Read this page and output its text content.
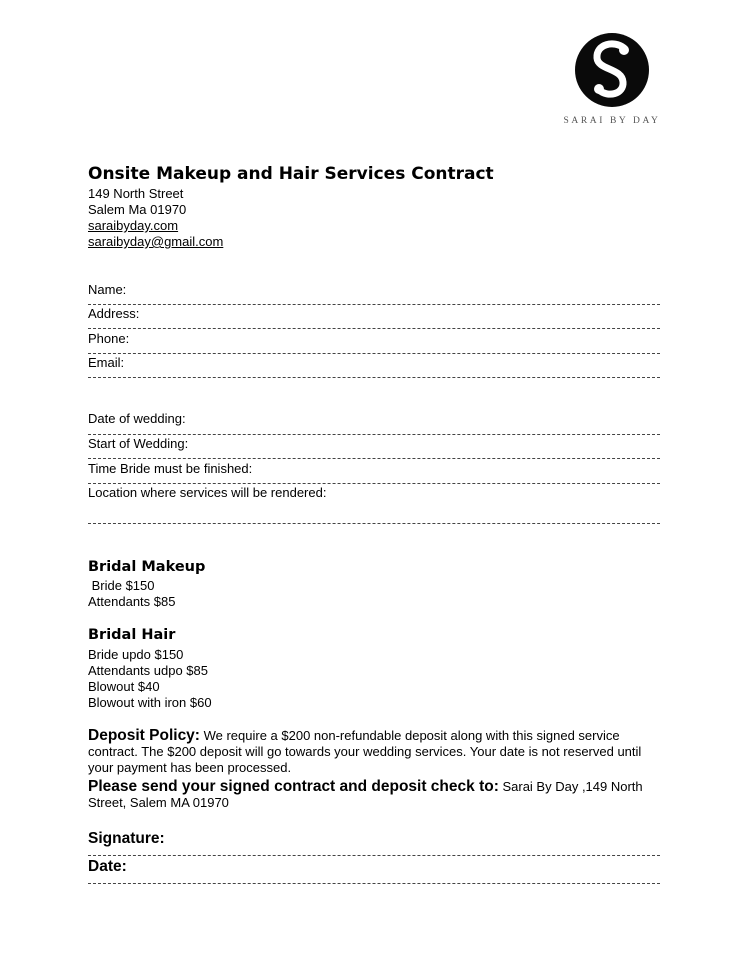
SARAI BY DAY
Onsite Makeup and Hair Services Contract
149 North Street
Salem Ma 01970
saraibyday.com
saraibyday@gmail.com
Name:
Address:
Phone:
Email:
Date of wedding:
Start of Wedding:
Time Bride must be finished:
Location where services will be rendered:
Bridal Makeup
Bride $150
Attendants $85
Bridal Hair
Bride updo $150
Attendants udpo $85
Blowout $40
Blowout with iron $60
Deposit Policy: We require a $200 non-refundable deposit along with this signed service contract. The $200 deposit will go towards your wedding services. Your date is not reserved until your payment has been processed.
Please send your signed contract and deposit check to: Sarai By Day ,149 North Street, Salem MA 01970
Signature:
Date:
